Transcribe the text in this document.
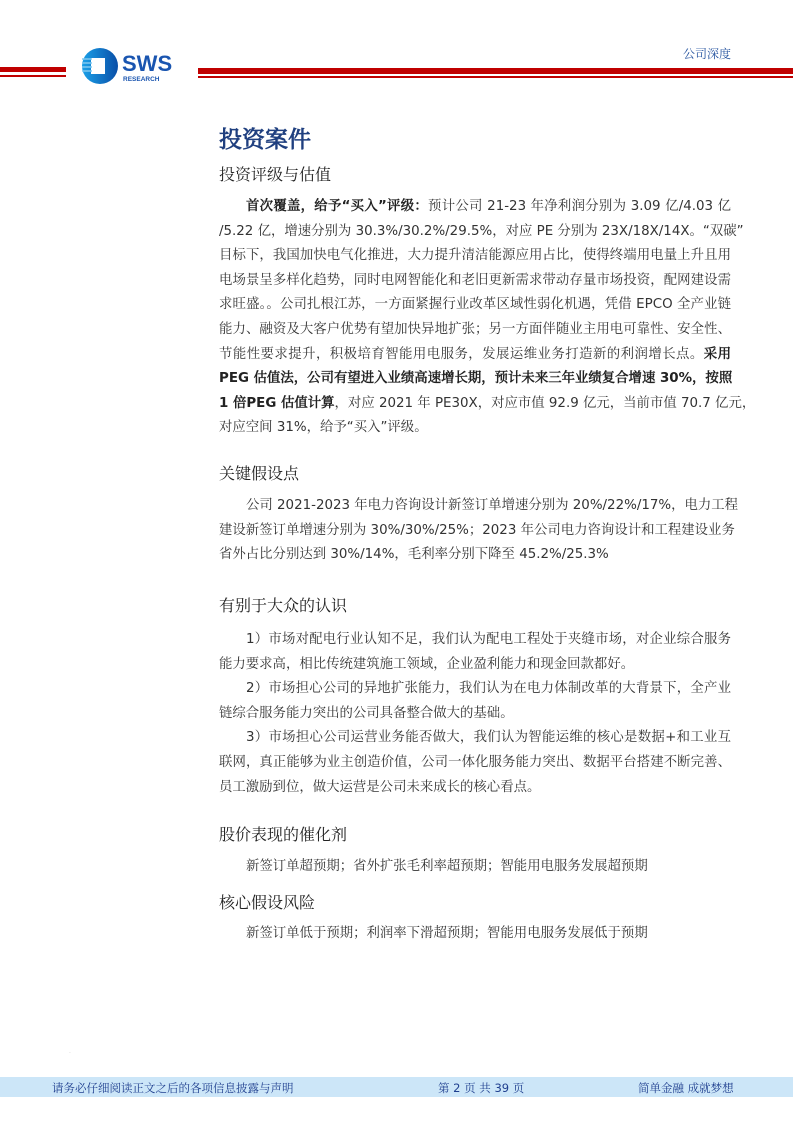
SWS
RESEARCH
公司深度
投资案件
投资评级与估值
首次覆盖，给予“买入”评级：预计公司 21-23 年净利润分别为 3.09 亿/4.03 亿
/5.22 亿，增速分别为 30.3%/30.2%/29.5%，对应 PE 分别为 23X/18X/14X。“双碳”
目标下，我国加快电气化推进，大力提升清洁能源应用占比，使得终端用电量上升且用
电场景呈多样化趋势，同时电网智能化和老旧更新需求带动存量市场投资，配网建设需
求旺盛。。公司扎根江苏，一方面紧握行业改革区域性弱化机遇，凭借 EPCO 全产业链
能力、融资及大客户优势有望加快异地扩张；另一方面伴随业主用电可靠性、安全性、
节能性要求提升，积极培育智能用电服务，发展运维业务打造新的利润增长点。采用
PEG 估值法，公司有望进入业绩高速增长期，预计未来三年业绩复合增速 30%，按照
1 倍PEG 估值计算，对应 2021 年 PE30X，对应市值 92.9 亿元，当前市值 70.7 亿元，
对应空间 31%，给予“买入”评级。
关键假设点
公司 2021-2023 年电力咨询设计新签订单增速分别为 20%/22%/17%，电力工程
建设新签订单增速分别为 30%/30%/25%；2023 年公司电力咨询设计和工程建设业务
省外占比分别达到 30%/14%，毛利率分别下降至 45.2%/25.3%
有别于大众的认识
1）市场对配电行业认知不足，我们认为配电工程处于夹缝市场，对企业综合服务
能力要求高，相比传统建筑施工领域，企业盈利能力和现金回款都好。
2）市场担心公司的异地扩张能力，我们认为在电力体制改革的大背景下，全产业
链综合服务能力突出的公司具备整合做大的基础。
3）市场担心公司运营业务能否做大，我们认为智能运维的核心是数据+和工业互
联网，真正能够为业主创造价值，公司一体化服务能力突出、数据平台搭建不断完善、
员工激励到位，做大运营是公司未来成长的核心看点。
股价表现的催化剂
新签订单超预期；省外扩张毛利率超预期；智能用电服务发展超预期
核心假设风险
新签订单低于预期；利润率下滑超预期；智能用电服务发展低于预期
·
请务必仔细阅读正文之后的各项信息披露与声明	第 2 页 共 39 页	简单金融 成就梦想
